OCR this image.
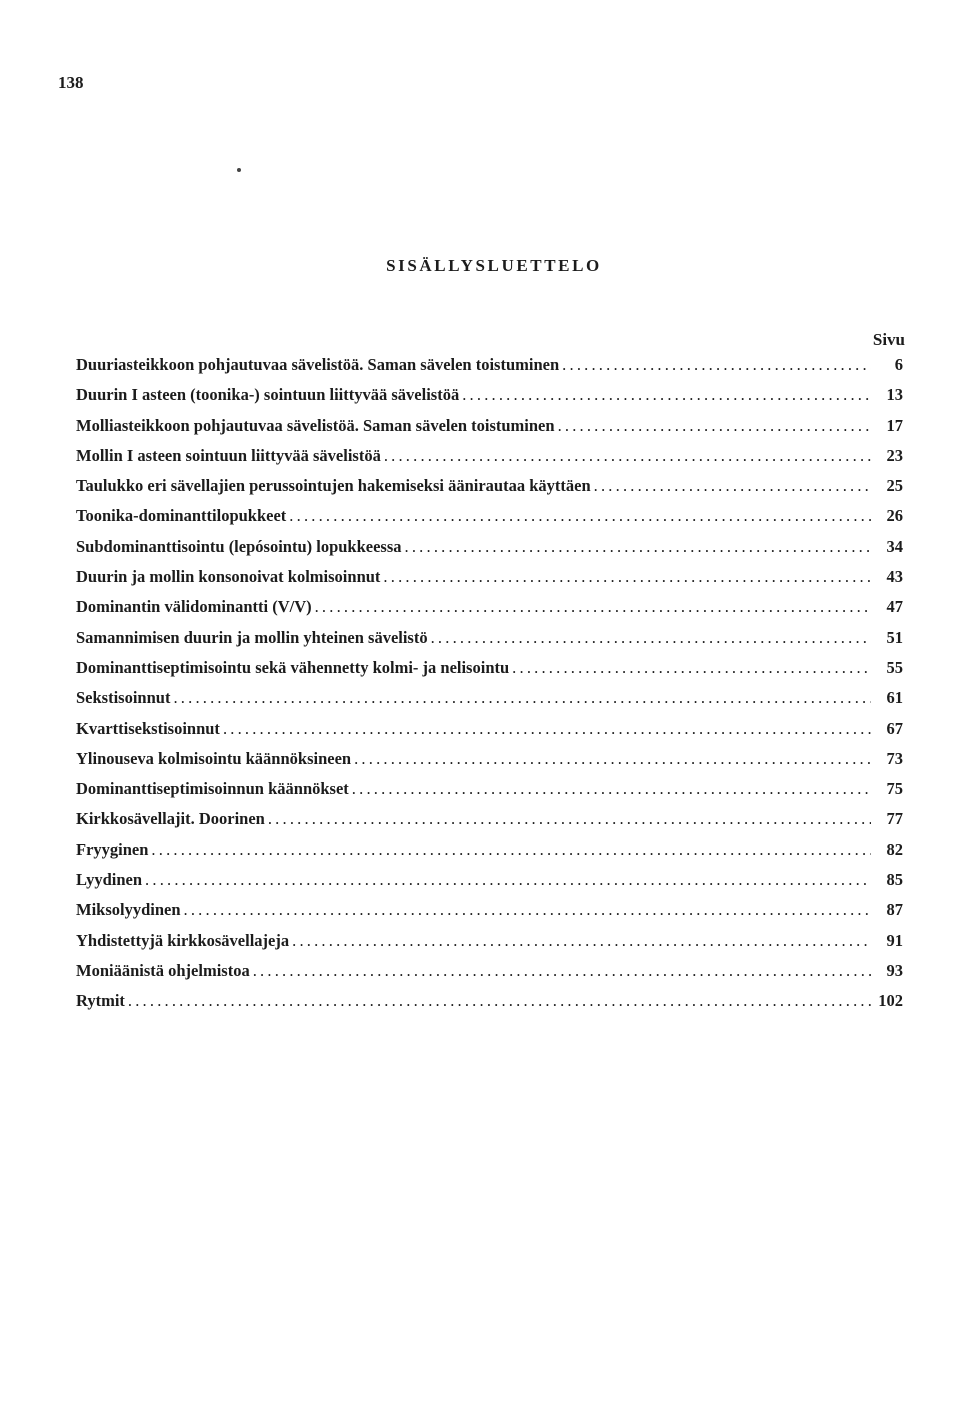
138
SISÄLLYSLUETTELO
Sivu
Duuriasteikkoon pohjautuvaa sävelistöä. Saman sävelen toistuminen .....	6
Duurin I asteen (toonika-) sointuun liittyvää sävelistöä .....	13
Molliasteikkoon pohjautuvaa sävelistöä. Saman sävelen toistuminen .....	17
Mollin I asteen sointuun liittyvää sävelistöä .....	23
Taulukko eri sävellajien perussointujen hakemiseksi äänirautaa käyttäen .....	25
Toonika-dominanttilopukkeet .....	26
Subdominanttisointu (lepósointu) lopukkeessa .....	34
Duurin ja mollin konsonoivat kolmisoinnut .....	43
Dominantin välidominantti (V/V) .....	47
Samannimisen duurin ja mollin yhteinen sävelistö .....	51
Dominanttiseptimisointu sekä vähennetty kolmi- ja nelisointu .....	55
Sekstisoinnut .....	61
Kvarttisekstisoinnut .....	67
Ylinouseva kolmisointu käännöksineen .....	73
Dominanttiseptimisoinnun käännökset .....	75
Kirkkosävellajit. Doorinen .....	77
Fryyginen .....	82
Lyydinen .....	85
Miksolyydinen .....	87
Yhdistettyjä kirkkosävellajeja .....	91
Moniäänistä ohjelmistoa .....	93
Rytmit .....	102
